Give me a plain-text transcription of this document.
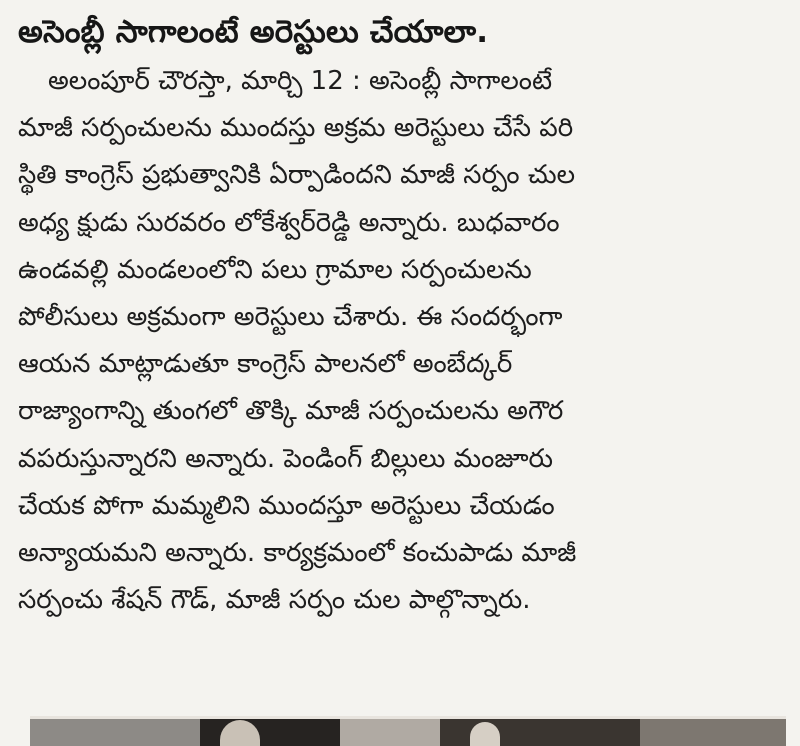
అసెంబ్లీ సాగాలంటే అరెస్టులు చేయాలా.
అలంపూర్ చౌరస్తా, మార్చి 12 : అసెంబ్లీ సాగాలంటే
మాజీ సర్పంచులను ముందస్తు అక్రమ అరెస్టులు చేసే పరి
స్థితి కాంగ్రెస్ ప్రభుత్వానికి ఏర్పాడిందని మాజీ సర్పం చుల
అధ్య క్షుడు సురవరం లోకేశ్వర్‌రెడ్డి అన్నారు. బుధవారం
ఉండవల్లి మండలంలోని పలు గ్రామాల సర్పంచులను
పోలీసులు అక్రమంగా అరెస్టులు చేశారు. ఈ సందర్భంగా
ఆయన మాట్లాడుతూ కాంగ్రెస్ పాలనలో అంబేద్కర్
రాజ్యాంగాన్ని తుంగలో తొక్కి మాజీ సర్పంచులను అగౌర
వపరుస్తున్నారని అన్నారు. పెండింగ్ బిల్లులు మంజూరు
చేయక పోగా మమ్మలిని ముందస్తూ అరెస్టులు చేయడం
అన్యాయమని అన్నారు. కార్యక్రమంలో కంచుపాడు మాజీ
సర్పంచు శేషన్ గౌడ్, మాజీ సర్పం చుల పాల్గొన్నారు.
